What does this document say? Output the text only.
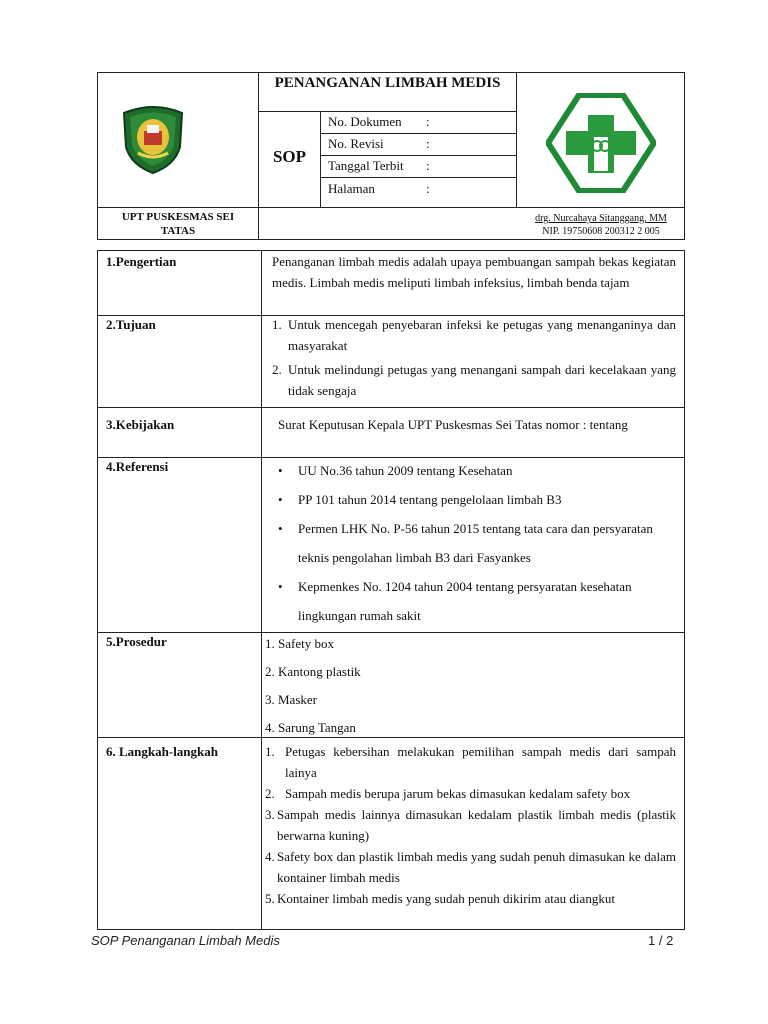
PENANGANAN LIMBAH MEDIS
SOP
No. Dokumen :
No. Revisi	:
Tanggal Terbit :
Halaman	:
UPT PUSKESMAS SEI
TATAS
drg. Nurcahaya Sitanggang, MM
NIP. 19750608 200312 2 005
1.Pengertian	Penanganan limbah medis adalah upaya pembuangan sampah bekas kegiatan medis. Limbah medis meliputi limbah infeksius, limbah benda tajam
2.Tujuan	1. Untuk mencegah penyebaran infeksi ke petugas yang menanganinya dan masyarakat
2. Untuk melindungi petugas yang menangani sampah dari kecelakaan yang tidak sengaja
3.Kebijakan	Surat Keputusan Kepala UPT Puskesmas Sei Tatas nomor : tentang
4.Referensi
•	UU No.36 tahun 2009 tentang Kesehatan
• PP 101 tahun 2014 tentang pengelolaan limbah B3
• Permen LHK No. P-56 tahun 2015 tentang tata cara dan persyaratan teknis pengolahan limbah B3 dari Fasyankes
• Kepmenkes No. 1204 tahun 2004 tentang persyaratan kesehatan lingkungan rumah sakit
5.Prosedur	1. Safety box
2. Kantong plastik
3. Masker
4. Sarung Tangan
6. Langkah-langkah	1. Petugas kebersihan melakukan pemilihan sampah medis dari sampah lainya
2. Sampah medis berupa jarum bekas dimasukan kedalam safety box
3. Sampah medis lainnya dimasukan kedalam plastik limbah medis (plastik berwarna kuning)
4. Safety box dan plastik limbah medis yang sudah penuh dimasukan ke dalam kontainer limbah medis
5. Kontainer limbah medis yang sudah penuh dikirim atau diangkut
SOP Penanganan Limbah Medis	1 / 2
